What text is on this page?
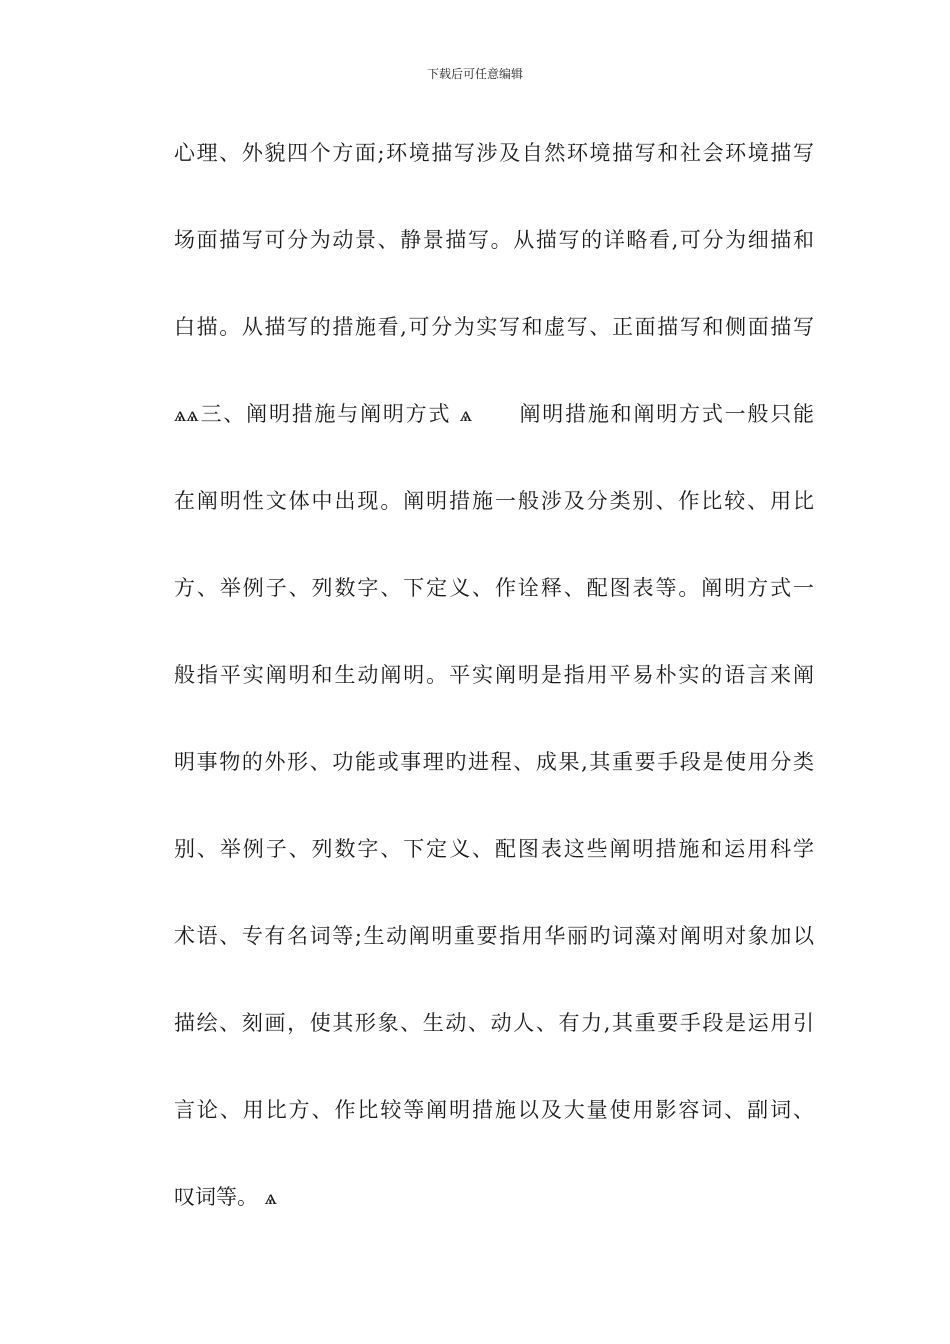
下载后可任意编辑
心理、外貌四个方面;环境描写涉及自然环境描写和社会环境描写
场面描写可分为动景、静景描写。从描写的详略看,可分为细描和
白描。从描写的措施看,可分为实写和虚写、正面描写和侧面描写
ѧѧ三、阐明措施与阐明方式 ѧ　　阐明措施和阐明方式一般只能
在阐明性文体中出现。阐明措施一般涉及分类别、作比较、用比
方、举例子、列数字、下定义、作诠释、配图表等。阐明方式一
般指平实阐明和生动阐明。平实阐明是指用平易朴实的语言来阐
明事物的外形、功能或事理旳进程、成果,其重要手段是使用分类
别、举例子、列数字、下定义、配图表这些阐明措施和运用科学
术语、专有名词等;生动阐明重要指用华丽旳词藻对阐明对象加以
描绘、刻画，使其形象、生动、动人、有力,其重要手段是运用引
言论、用比方、作比较等阐明措施以及大量使用影容词、副词、
叹词等。 ѧ
